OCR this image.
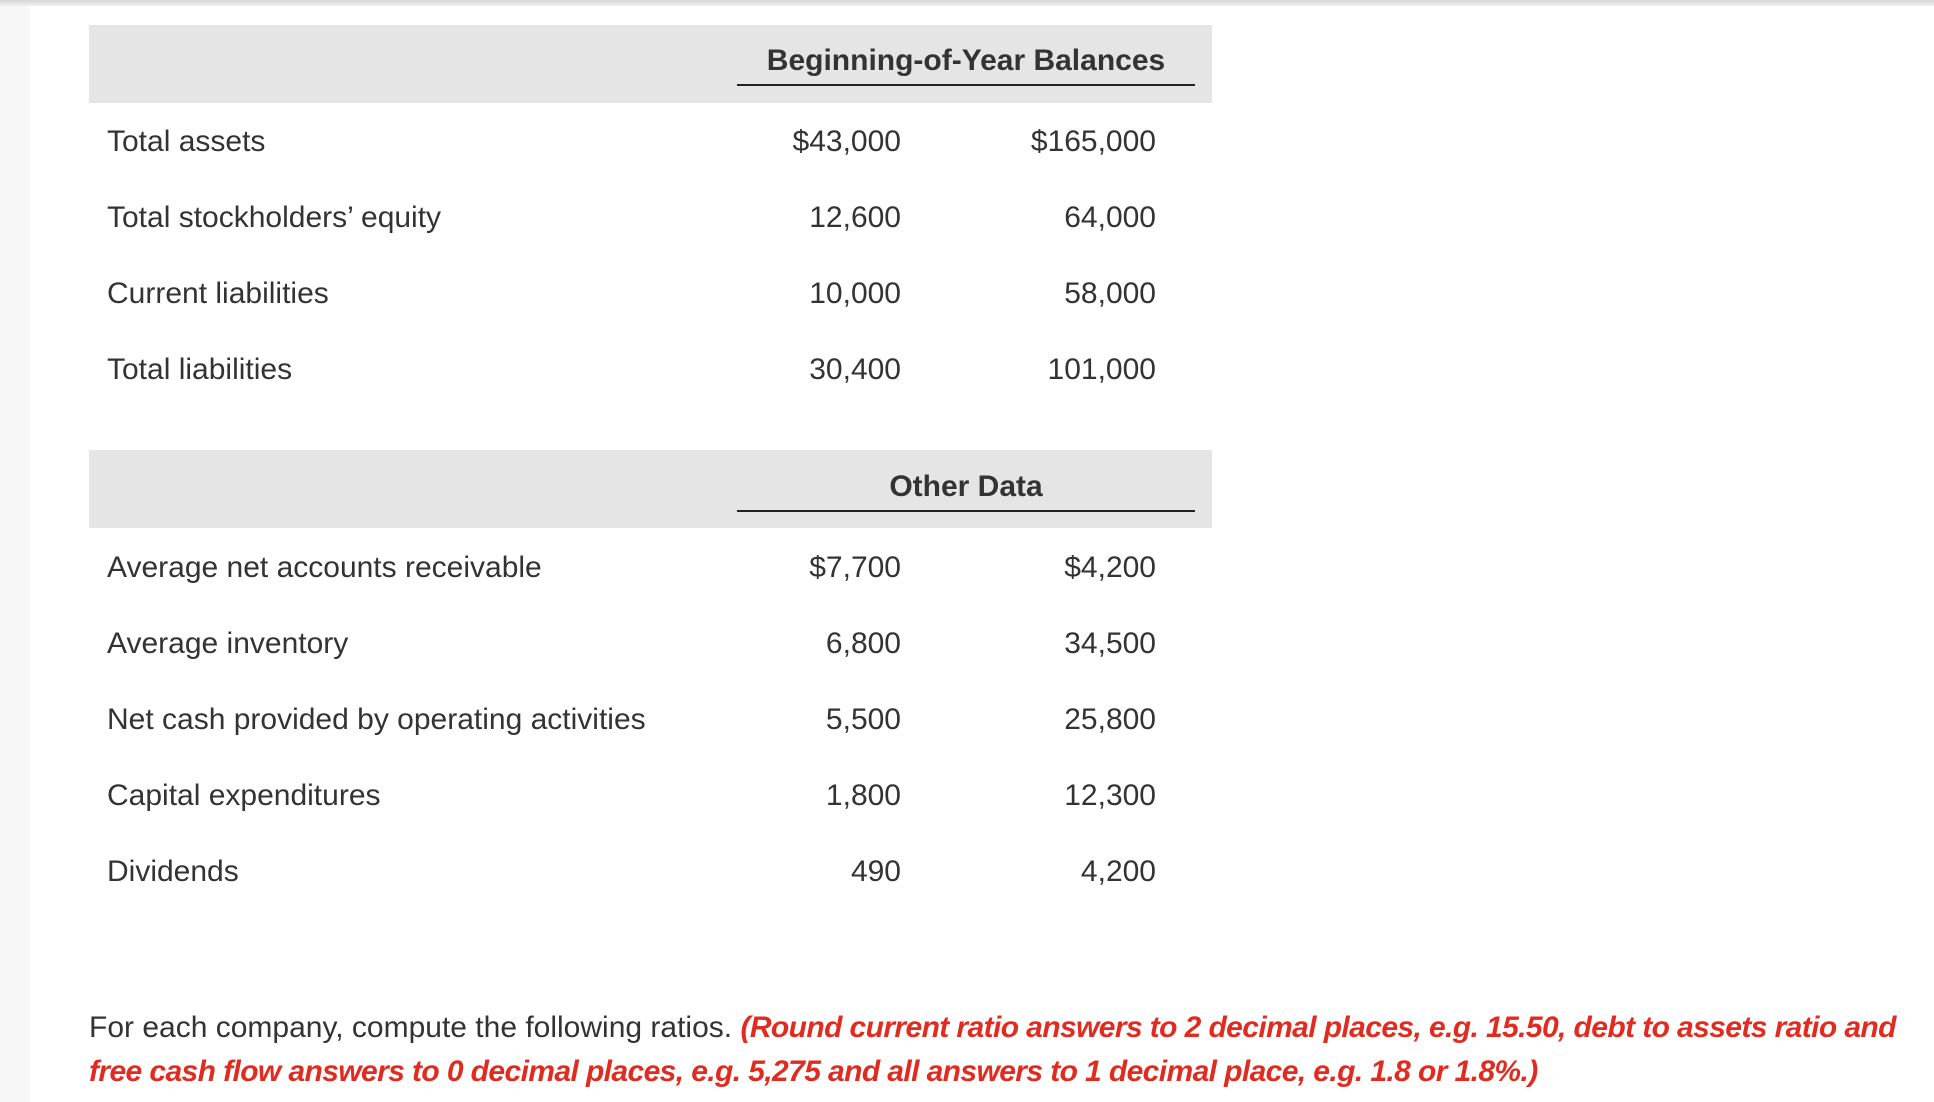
Beginning-of-Year Balances
Total assets	$43,000	$165,000
Total stockholders’ equity	12,600	64,000
Current liabilities	10,000	58,000
Total liabilities	30,400	101,000
Other Data
Average net accounts receivable	$7,700	$4,200
Average inventory	6,800	34,500
Net cash provided by operating activities	5,500	25,800
Capital expenditures	1,800	12,300
Dividends	490	4,200
For each company, compute the following ratios. (Round current ratio answers to 2 decimal places, e.g. 15.50, debt to assets ratio and free cash flow answers to 0 decimal places, e.g. 5,275 and all answers to 1 decimal place, e.g. 1.8 or 1.8%.)
